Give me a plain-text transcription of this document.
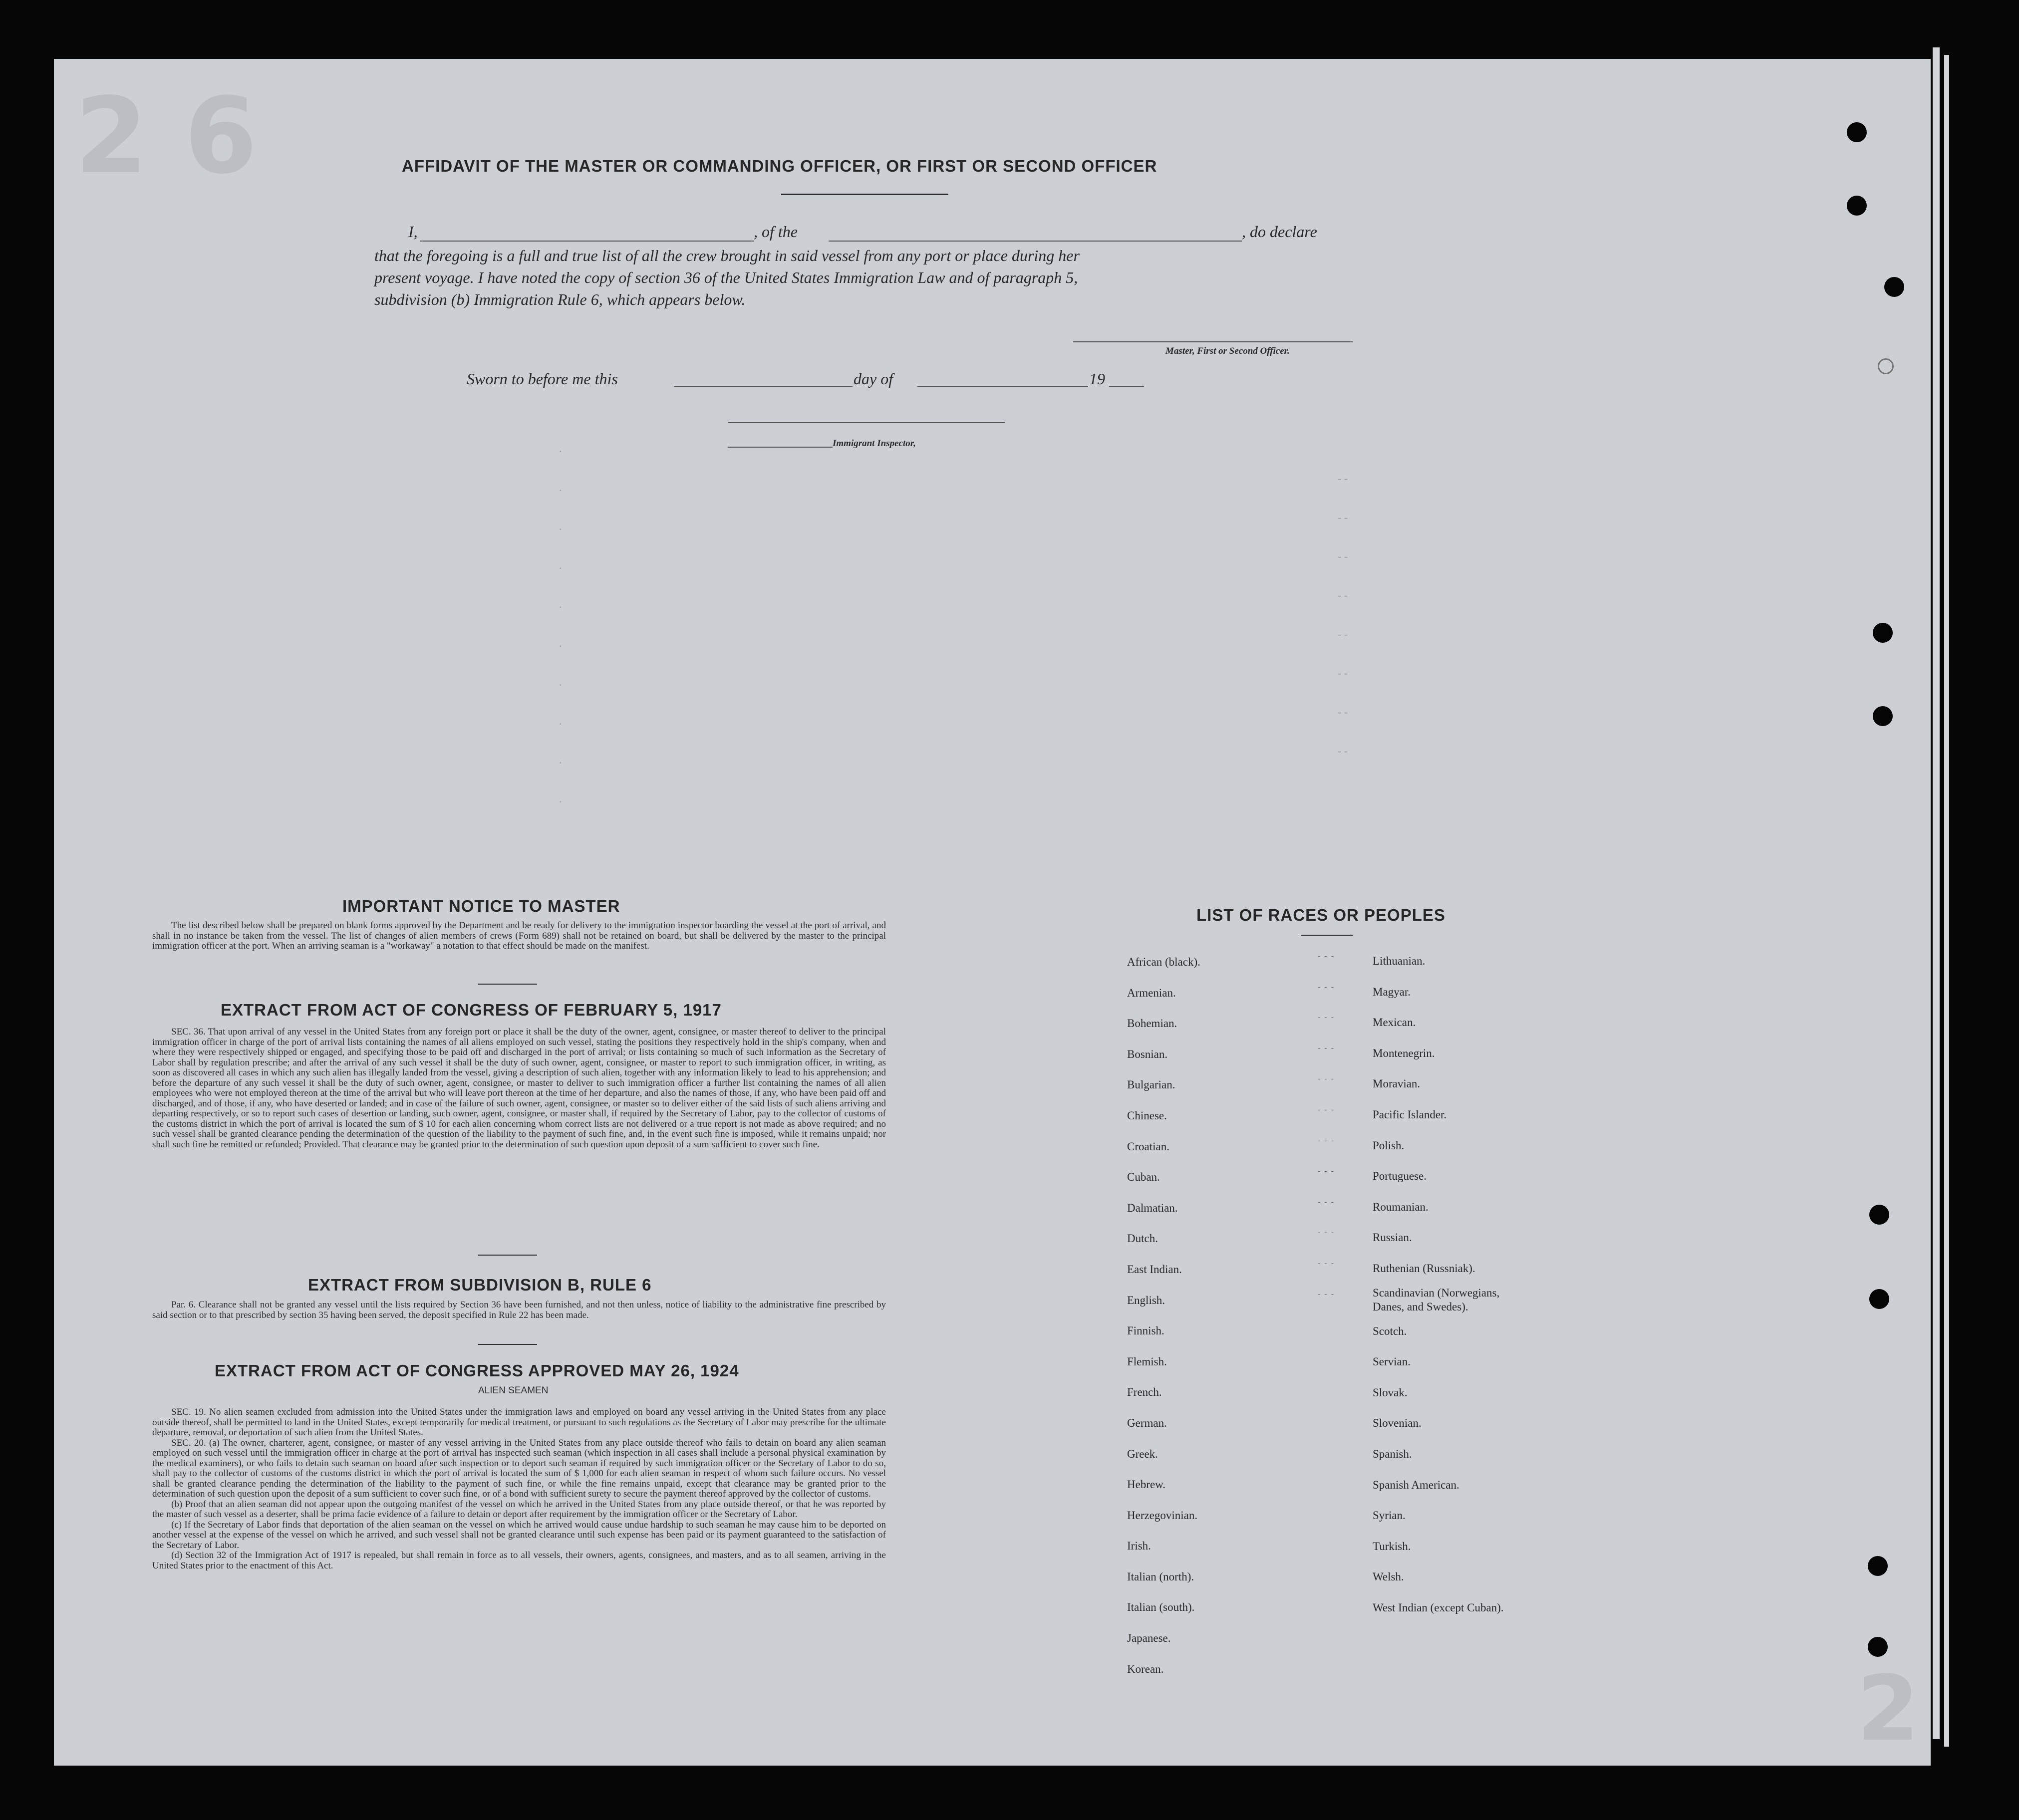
2 6
2
AFFIDAVIT OF THE MASTER OR COMMANDING OFFICER, OR FIRST OR SECOND OFFICER
I,	, of the	, do declare
that the foregoing is a full and true list of all the crew brought in said vessel from any port or place during her
present voyage. I have noted the copy of section 36 of the United States Immigration Law and of paragraph 5,
subdivision (b) Immigration Rule 6, which appears below.
Master, First or Second Officer.
Sworn to before me this	day of	19
Immigrant Inspector,
.
.
.
.
.
.
.
.
.
.
- -
- -
- -
- -
- -
- -
- -
- -
IMPORTANT NOTICE TO MASTER

The list described below shall be prepared on blank forms approved by the Department and be ready for delivery to the immigration inspector boarding the vessel at the port of arrival, and shall in no instance be taken from the vessel. The list of changes of alien members of crews (Form 689) shall not be retained on board, but shall be delivered by the master to the principal immigration officer at the port. When an arriving seaman is a "workaway" a notation to that effect should be made on the manifest.

EXTRACT FROM ACT OF CONGRESS OF FEBRUARY 5, 1917

SEC. 36. That upon arrival of any vessel in the United States from any foreign port or place it shall be the duty of the owner, agent, consignee, or master thereof to deliver to the principal immigration officer in charge of the port of arrival lists containing the names of all aliens employed on such vessel, stating the positions they respectively hold in the ship's company, when and where they were respectively shipped or engaged, and specifying those to be paid off and discharged in the port of arrival; or lists containing so much of such information as the Secretary of Labor shall by regulation prescribe; and after the arrival of any such vessel it shall be the duty of such owner, agent, consignee, or master to report to such immigration officer, in writing, as soon as discovered all cases in which any such alien has illegally landed from the vessel, giving a description of such alien, together with any information likely to lead to his apprehension; and before the departure of any such vessel it shall be the duty of such owner, agent, consignee, or master to deliver to such immigration officer a further list containing the names of all alien employees who were not employed thereon at the time of the arrival but who will leave port thereon at the time of her departure, and also the names of those, if any, who have been paid off and discharged, and of those, if any, who have deserted or landed; and in case of the failure of such owner, agent, consignee, or master so to deliver either of the said lists of such aliens arriving and departing respectively, or so to report such cases of desertion or landing, such owner, agent, consignee, or master shall, if required by the Secretary of Labor, pay to the collector of customs of the customs district in which the port of arrival is located the sum of $ 10 for each alien concerning whom correct lists are not delivered or a true report is not made as above required; and no such vessel shall be granted clearance pending the determination of the question of the liability to the payment of such fine, and, in the event such fine is imposed, while it remains unpaid; nor shall such fine be remitted or refunded; Provided. That clearance may be granted prior to the determination of such question upon deposit of a sum sufficient to cover such fine.

EXTRACT FROM SUBDIVISION B, RULE 6

Par. 6. Clearance shall not be granted any vessel until the lists required by Section 36 have been furnished, and not then unless, notice of liability to the administrative fine prescribed by said section or to that prescribed by section 35 having been served, the deposit specified in Rule 22 has been made.

EXTRACT FROM ACT OF CONGRESS APPROVED MAY 26, 1924
ALIEN SEAMEN

SEC. 19. No alien seamen excluded from admission into the United States under the immigration laws and employed on board any vessel arriving in the United States from any place outside thereof, shall be permitted to land in the United States, except temporarily for medical treatment, or pursuant to such regulations as the Secretary of Labor may prescribe for the ultimate departure, removal, or deportation of such alien from the United States.

SEC. 20. (a) The owner, charterer, agent, consignee, or master of any vessel arriving in the United States from any place outside thereof who fails to detain on board any alien seaman employed on such vessel until the immigration officer in charge at the port of arrival has inspected such seaman (which inspection in all cases shall include a personal physical examination by the medical examiners), or who fails to detain such seaman on board after such inspection or to deport such seaman if required by such immigration officer or the Secretary of Labor to do so, shall pay to the collector of customs of the customs district in which the port of arrival is located the sum of $ 1,000 for each alien seaman in respect of whom such failure occurs. No vessel shall be granted clearance pending the determination of the liability to the payment of such fine, or while the fine remains unpaid, except that clearance may be granted prior to the determination of such question upon the deposit of a sum sufficient to cover such fine, or of a bond with sufficient surety to secure the payment thereof approved by the collector of customs.

(b) Proof that an alien seaman did not appear upon the outgoing manifest of the vessel on which he arrived in the United States from any place outside thereof, or that he was reported by the master of such vessel as a deserter, shall be prima facie evidence of a failure to detain or deport after requirement by the immigration officer or the Secretary of Labor.

(c) If the Secretary of Labor finds that deportation of the alien seaman on the vessel on which he arrived would cause undue hardship to such seaman he may cause him to be deported on another vessel at the expense of the vessel on which he arrived, and such vessel shall not be granted clearance until such expense has been paid or its payment guaranteed to the satisfaction of the Secretary of Labor.

(d) Section 32 of the Immigration Act of 1917 is repealed, but shall remain in force as to all vessels, their owners, agents, consignees, and masters, and as to all seamen, arriving in the United States prior to the enactment of this Act.

LIST OF RACES OR PEOPLES
African (black).
Armenian.
Bohemian.
Bosnian.
Bulgarian.
Chinese.
Croatian.
Cuban.
Dalmatian.
Dutch.
East Indian.
English.
Finnish.
Flemish.
French.
German.
Greek.
Hebrew.
Herzegovinian.
Irish.
Italian (north).
Italian (south).
Japanese.
Korean.
- - -
- - -
- - -
- - -
- - -
- - -
- - -
- - -
- - -
- - -
- - -
- - -
Lithuanian.
Magyar.
Mexican.
Montenegrin.
Moravian.
Pacific Islander.
Polish.
Portuguese.
Roumanian.
Russian.
Ruthenian (Russniak).
Scandinavian (Norwegians, Danes, and Swedes).
Scotch.
Servian.
Slovak.
Slovenian.
Spanish.
Spanish American.
Syrian.
Turkish.
Welsh.
West Indian (except Cuban).
